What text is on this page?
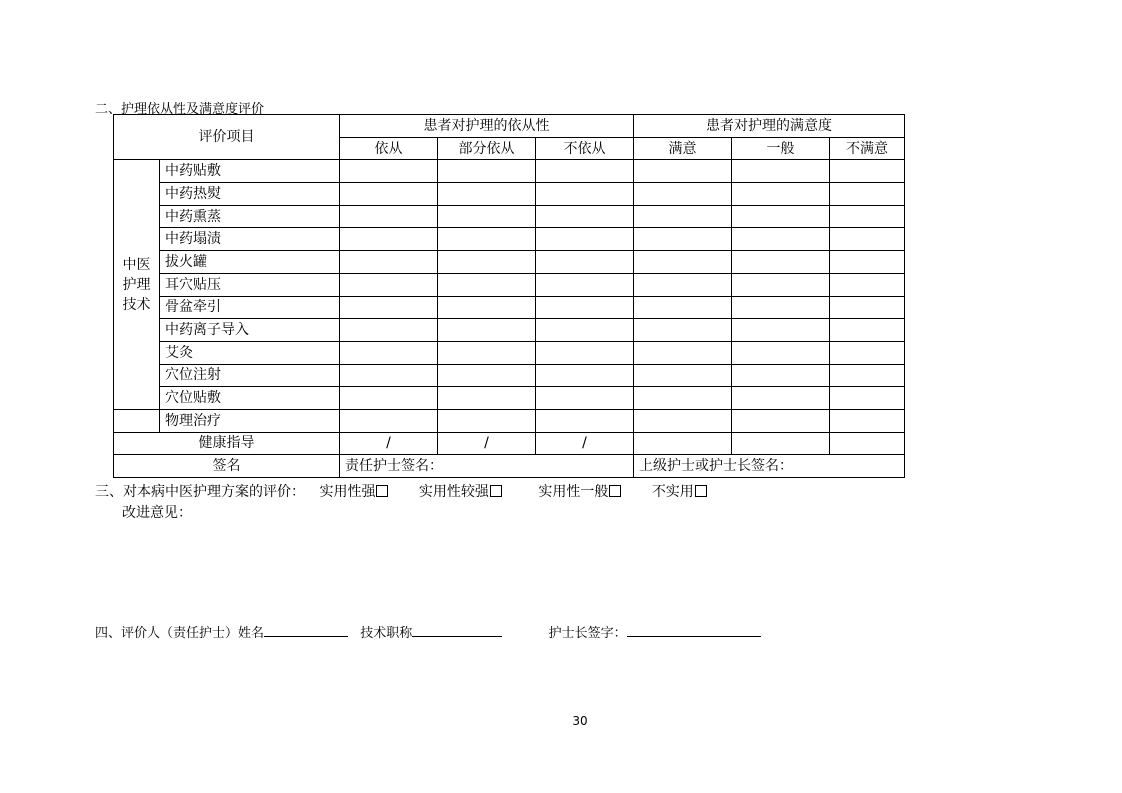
二、护理依从性及满意度评价
评价项目		患者对护理的依从性			患者对护理的满意度		
		依从	部分依从	不依从	满意	一般	不满意

中医
护理
技术	中药贴敷						
	中药热熨						
	中药熏蒸						
	中药塌渍						
	拔火罐						
	耳穴贴压						
	骨盆牵引						
	中药离子导入						
	艾灸						
	穴位注射						
	穴位贴敷						
	物理治疗						
健康指导		/	/	/			
签名		责任护士签名：			上级护士或护士长签名：		
三、对本病中医护理方案的评价： 实用性强	实用性较强	实用性一般	不实用
改进意见：
四、评价人（责任护士）姓名	技术职称	护士长签字：
30
